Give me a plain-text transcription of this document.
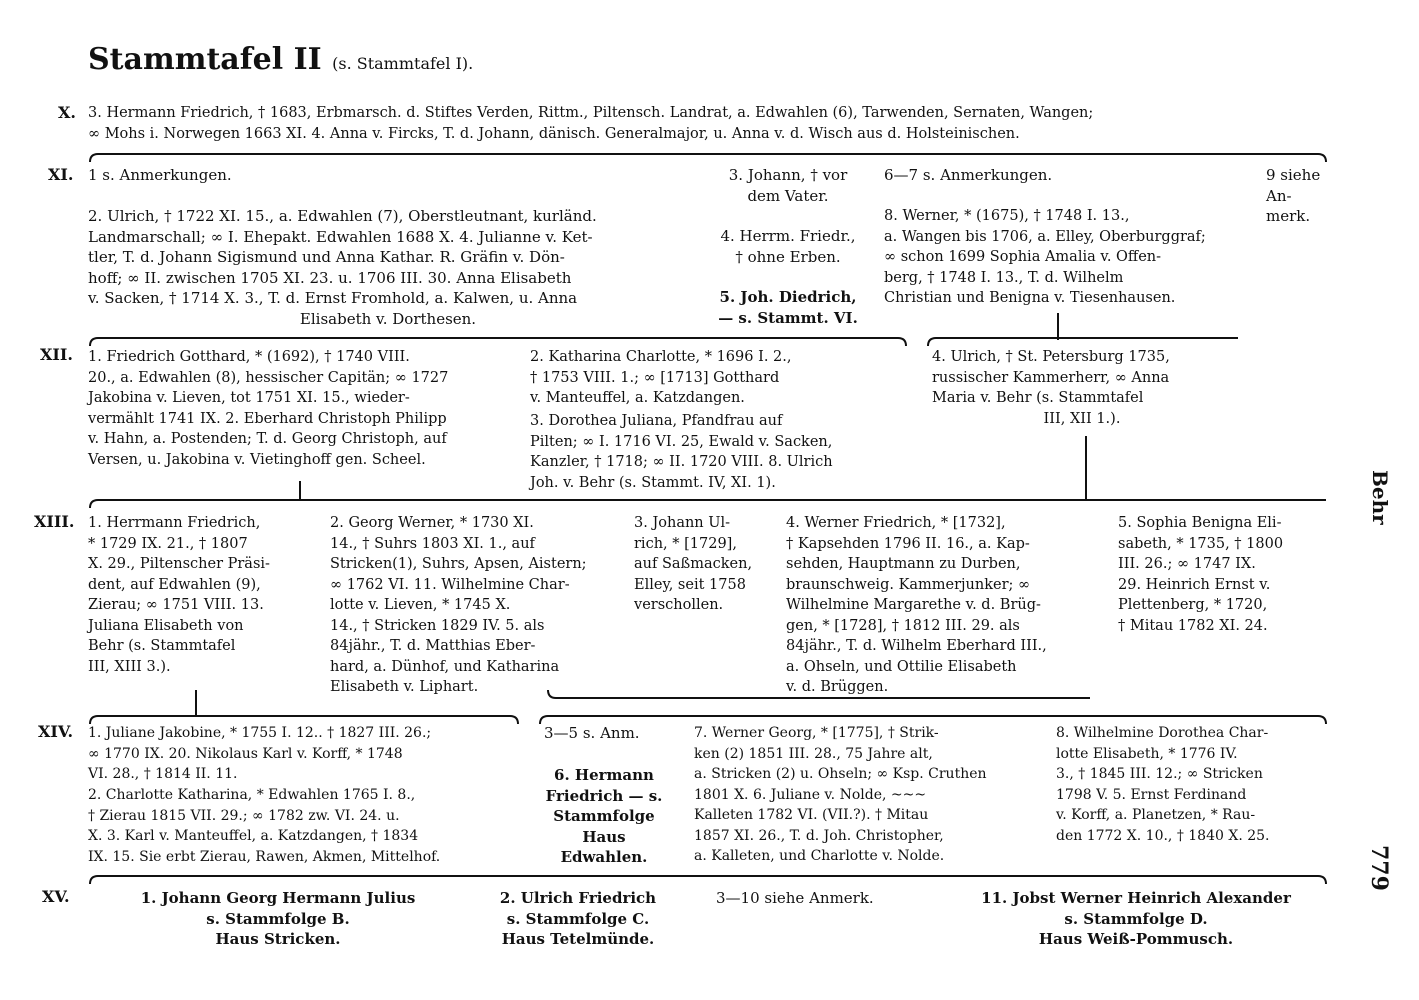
Stammtafel II (s. Stammtafel I).
X.
XI.
XII.
XIII.
XIV.
XV.
3. Hermann Friedrich, † 1683, Erbmarsch. d. Stiftes Verden, Rittm., Piltensch. Landrat, a. Edwahlen (6), Tarwenden, Sernaten, Wangen;
∞ Mohs i. Norwegen 1663 XI. 4. Anna v. Fircks, T. d. Johann, dänisch. Generalmajor, u. Anna v. d. Wisch aus d. Holsteinischen.
1 s. Anmerkungen.
2. Ulrich, † 1722 XI. 15., a. Edwahlen (7), Oberstleutnant, kurländ.
Landmarschall; ∞ I. Ehepakt. Edwahlen 1688 X. 4. Julianne v. Ket-
tler, T. d. Johann Sigismund und Anna Kathar. R. Gräfin v. Dön-
hoff; ∞ II. zwischen 1705 XI. 23. u. 1706 III. 30. Anna Elisabeth
v. Sacken, † 1714 X. 3., T. d. Ernst Fromhold, a. Kalwen, u. Anna
Elisabeth v. Dorthesen.
3. Johann, † vor
dem Vater.
4. Herrm. Friedr.,
† ohne Erben.
5. Joh. Diedrich,
— s. Stammt. VI.
6—7 s. Anmerkungen.
8. Werner, * (1675), † 1748 I. 13.,
a. Wangen bis 1706, a. Elley, Oberburggraf;
∞ schon 1699 Sophia Amalia v. Offen-
berg, † 1748 I. 13., T. d. Wilhelm
Christian und Benigna v. Tiesenhausen.
9 siehe
An-
merk.
1. Friedrich Gotthard, * (1692), † 1740 VIII.
20., a. Edwahlen (8), hessischer Capitän; ∞ 1727
Jakobina v. Lieven, tot 1751 XI. 15., wieder-
vermählt 1741 IX. 2. Eberhard Christoph Philipp
v. Hahn, a. Postenden; T. d. Georg Christoph, auf
Versen, u. Jakobina v. Vietinghoff gen. Scheel.
2. Katharina Charlotte, * 1696 I. 2.,
† 1753 VIII. 1.; ∞ [1713] Gotthard
v. Manteuffel, a. Katzdangen.
3. Dorothea Juliana, Pfandfrau auf
Pilten; ∞ I. 1716 VI. 25, Ewald v. Sacken,
Kanzler, † 1718; ∞ II. 1720 VIII. 8. Ulrich
Joh. v. Behr (s. Stammt. IV, XI. 1).
4. Ulrich, † St. Petersburg 1735,
russischer Kammerherr, ∞ Anna
Maria v. Behr (s. Stammtafel
III, XII 1.).
1. Herrmann Friedrich,
* 1729 IX. 21., † 1807
X. 29., Piltenscher Präsi-
dent, auf Edwahlen (9),
Zierau; ∞ 1751 VIII. 13.
Juliana Elisabeth von
Behr (s. Stammtafel
III, XIII 3.).
2. Georg Werner, * 1730 XI.
14., † Suhrs 1803 XI. 1., auf
Stricken(1), Suhrs, Apsen, Aistern;
∞ 1762 VI. 11. Wilhelmine Char-
lotte v. Lieven, * 1745 X.
14., † Stricken 1829 IV. 5. als
84jähr., T. d. Matthias Eber-
hard, a. Dünhof, und Katharina
Elisabeth v. Liphart.
3. Johann Ul-
rich, * [1729],
auf Saßmacken,
Elley, seit 1758
verschollen.
4. Werner Friedrich, * [1732],
† Kapsehden 1796 II. 16., a. Kap-
sehden, Hauptmann zu Durben,
braunschweig. Kammerjunker; ∞
Wilhelmine Margarethe v. d. Brüg-
gen, * [1728], † 1812 III. 29. als
84jähr., T. d. Wilhelm Eberhard III.,
a. Ohseln, und Ottilie Elisabeth
v. d. Brüggen.
5. Sophia Benigna Eli-
sabeth, * 1735, † 1800
III. 26.; ∞ 1747 IX.
29. Heinrich Ernst v.
Plettenberg, * 1720,
† Mitau 1782 XI. 24.
1. Juliane Jakobine, * 1755 I. 12.. † 1827 III. 26.;
∞ 1770 IX. 20. Nikolaus Karl v. Korff, * 1748
VI. 28., † 1814 II. 11.
2. Charlotte Katharina, * Edwahlen 1765 I. 8.,
† Zierau 1815 VII. 29.; ∞ 1782 zw. VI. 24. u.
X. 3. Karl v. Manteuffel, a. Katzdangen, † 1834
IX. 15. Sie erbt Zierau, Rawen, Akmen, Mittelhof.
3—5 s. Anm.
6. Hermann
Friedrich — s.
Stammfolge
Haus
Edwahlen.
7. Werner Georg, * [1775], † Strik-
ken (2) 1851 III. 28., 75 Jahre alt,
a. Stricken (2) u. Ohseln; ∞ Ksp. Cruthen
1801 X. 6. Juliane v. Nolde, ~~~
Kalleten 1782 VI. (VII.?). † Mitau
1857 XI. 26., T. d. Joh. Christopher,
a. Kalleten, und Charlotte v. Nolde.
8. Wilhelmine Dorothea Char-
lotte Elisabeth, * 1776 IV.
3., † 1845 III. 12.; ∞ Stricken
1798 V. 5. Ernst Ferdinand
v. Korff, a. Planetzen, * Rau-
den 1772 X. 10., † 1840 X. 25.
1. Johann Georg Hermann Julius
s. Stammfolge B.
Haus Stricken.
2. Ulrich Friedrich
s. Stammfolge C.
Haus Tetelmünde.
3—10 siehe Anmerk.	11. Jobst Werner Heinrich Alexander
s. Stammfolge D.
Haus Weiß-Pommusch.
Behr
779
